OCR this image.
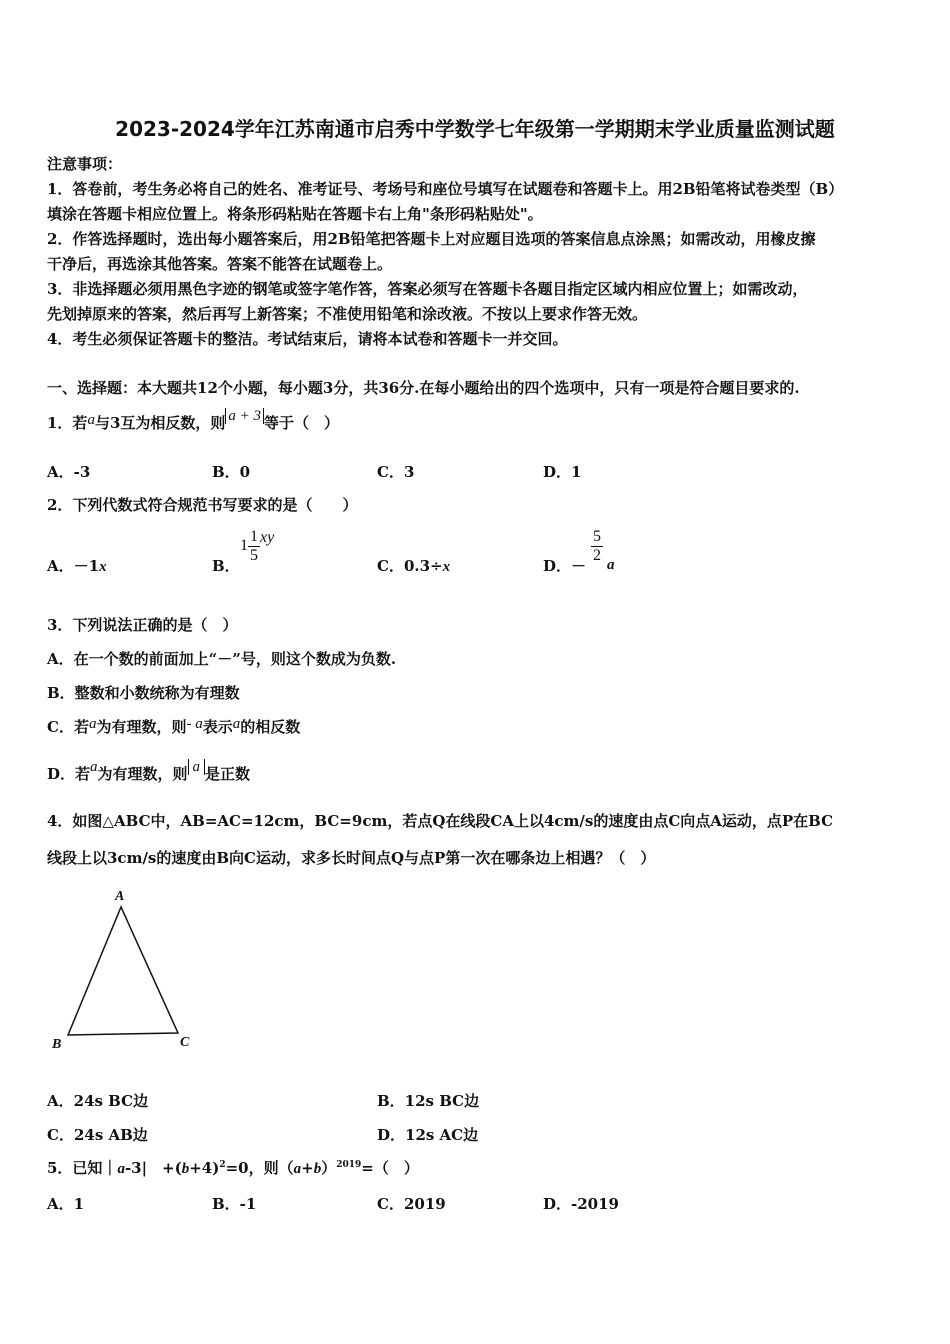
2023-2024学年江苏南通市启秀中学数学七年级第一学期期末学业质量监测试题
注意事项：
1．答卷前，考生务必将自己的姓名、准考证号、考场号和座位号填写在试题卷和答题卡上。用2B铅笔将试卷类型（B）
填涂在答题卡相应位置上。将条形码粘贴在答题卡右上角"条形码粘贴处"。
2．作答选择题时，选出每小题答案后，用2B铅笔把答题卡上对应题目选项的答案信息点涂黑；如需改动，用橡皮擦
干净后，再选涂其他答案。答案不能答在试题卷上。
3．非选择题必须用黑色字迹的钢笔或签字笔作答，答案必须写在答题卡各题目指定区域内相应位置上；如需改动，
先划掉原来的答案，然后再写上新答案；不准使用铅笔和涂改液。不按以上要求作答无效。
4．考生必须保证答题卡的整洁。考试结束后，请将本试卷和答题卡一并交回。
一、选择题：本大题共12个小题，每小题3分，共36分.在每小题给出的四个选项中，只有一项是符合题目要求的.
1．若a与3互为相反数，则 a + 3 等于（　）
A．-3	B．0	C．3	D．1
2．下列代数式符合规范书写要求的是（　　）
A．－1x	B．
$1 \frac{1}{5}$ xy
C．0.3÷x	D．－
$\frac{5}{2}$
a
3．下列说法正确的是（　）
A．在一个数的前面加上“－”号，则这个数成为负数.
B．整数和小数统称为有理数
C．若a为有理数，则- a表示a的相反数
D．若a为有理数，则 a 是正数
4．如图△ABC中，AB=AC=12cm，BC=9cm，若点Q在线段CA上以4cm/s的速度由点C向点A运动，点P在BC
线段上以3cm/s的速度由B向C运动，求多长时间点Q与点P第一次在哪条边上相遇？（　）
A
B	C
A．24s BC边	B．12s BC边
C．24s AB边	D．12s AC边
5．已知｜a-3|　$+(b+4)^2=0$，则$(a+b)^{2019}=$（　）
A．1	B．-1	C．2019	D．-2019
